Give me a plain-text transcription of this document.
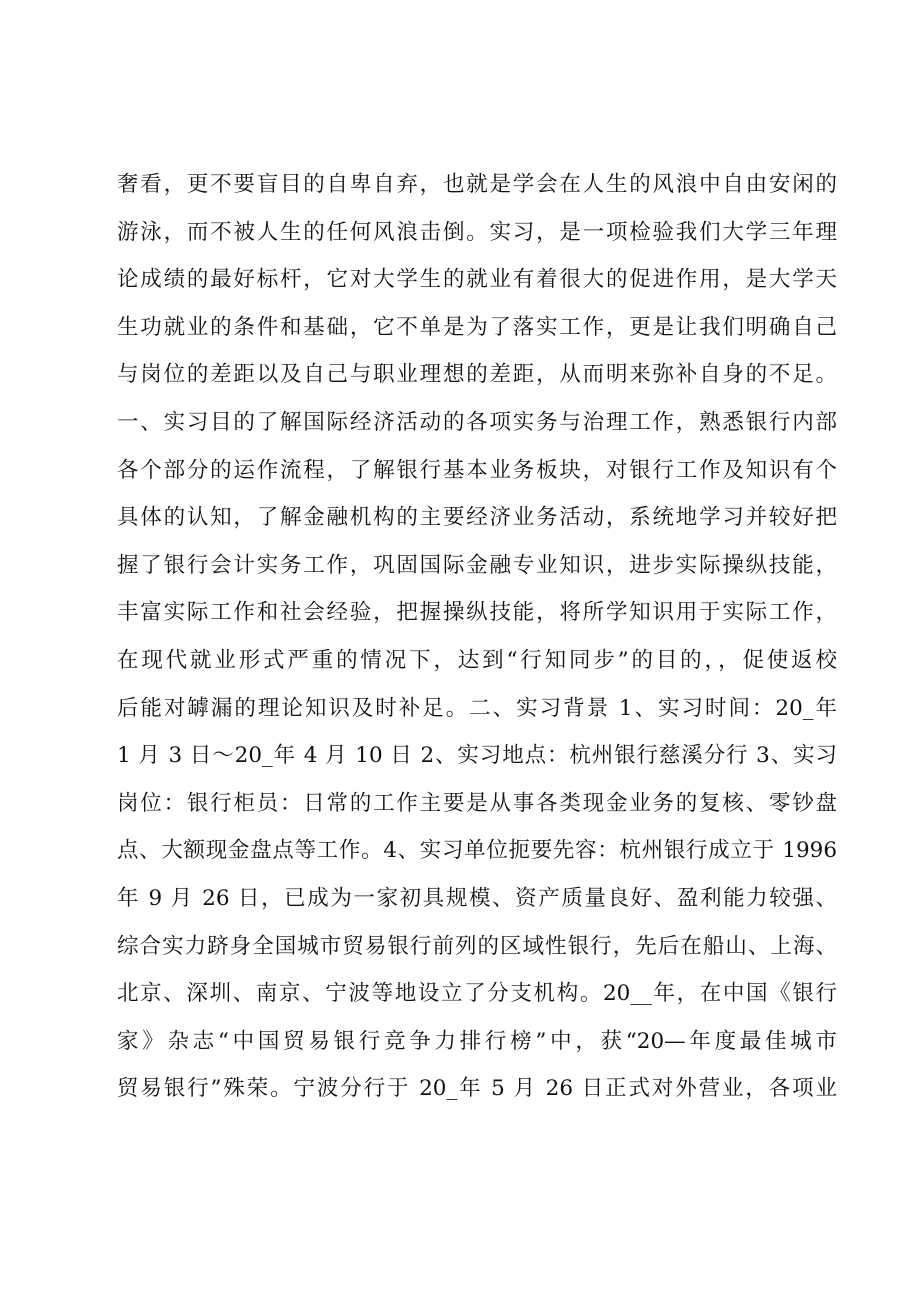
奢看，更不要盲目的自卑自弃，也就是学会在人生的风浪中自由安闲的
游泳，而不被人生的任何风浪击倒。实习，是一项检验我们大学三年理
论成绩的最好标杆，它对大学生的就业有着很大的促进作用，是大学天
生功就业的条件和基础，它不单是为了落实工作，更是让我们明确自己
与岗位的差距以及自己与职业理想的差距，从而明来弥补自身的不足。
一、实习目的了解国际经济活动的各项实务与治理工作，熟悉银行内部
各个部分的运作流程，了解银行基本业务板块，对银行工作及知识有个
具体的认知，了解金融机构的主要经济业务活动，系统地学习并较好把
握了银行会计实务工作，巩固国际金融专业知识，进步实际操纵技能，
丰富实际工作和社会经验，把握操纵技能，将所学知识用于实际工作，
在现代就业形式严重的情况下，达到“行知同步”的目的，，促使返校
后能对罅漏的理论知识及时补足。二、实习背景 1、实习时间：20_年
1 月 3 日～20_年 4 月 10 日 2、实习地点：杭州银行慈溪分行 3、实习
岗位：银行柜员：日常的工作主要是从事各类现金业务的复核、零钞盘
点、大额现金盘点等工作。4、实习单位扼要先容：杭州银行成立于 1996
年 9 月 26 日，已成为一家初具规模、资产质量良好、盈利能力较强、
综合实力跻身全国城市贸易银行前列的区域性银行，先后在船山、上海、
北京、深圳、南京、宁波等地设立了分支机构。20__年，在中国《银行
家》杂志“中国贸易银行竞争力排行榜”中，获“20—年度最佳城市
贸易银行”殊荣。宁波分行于 20_年 5 月 26 日正式对外营业，各项业
